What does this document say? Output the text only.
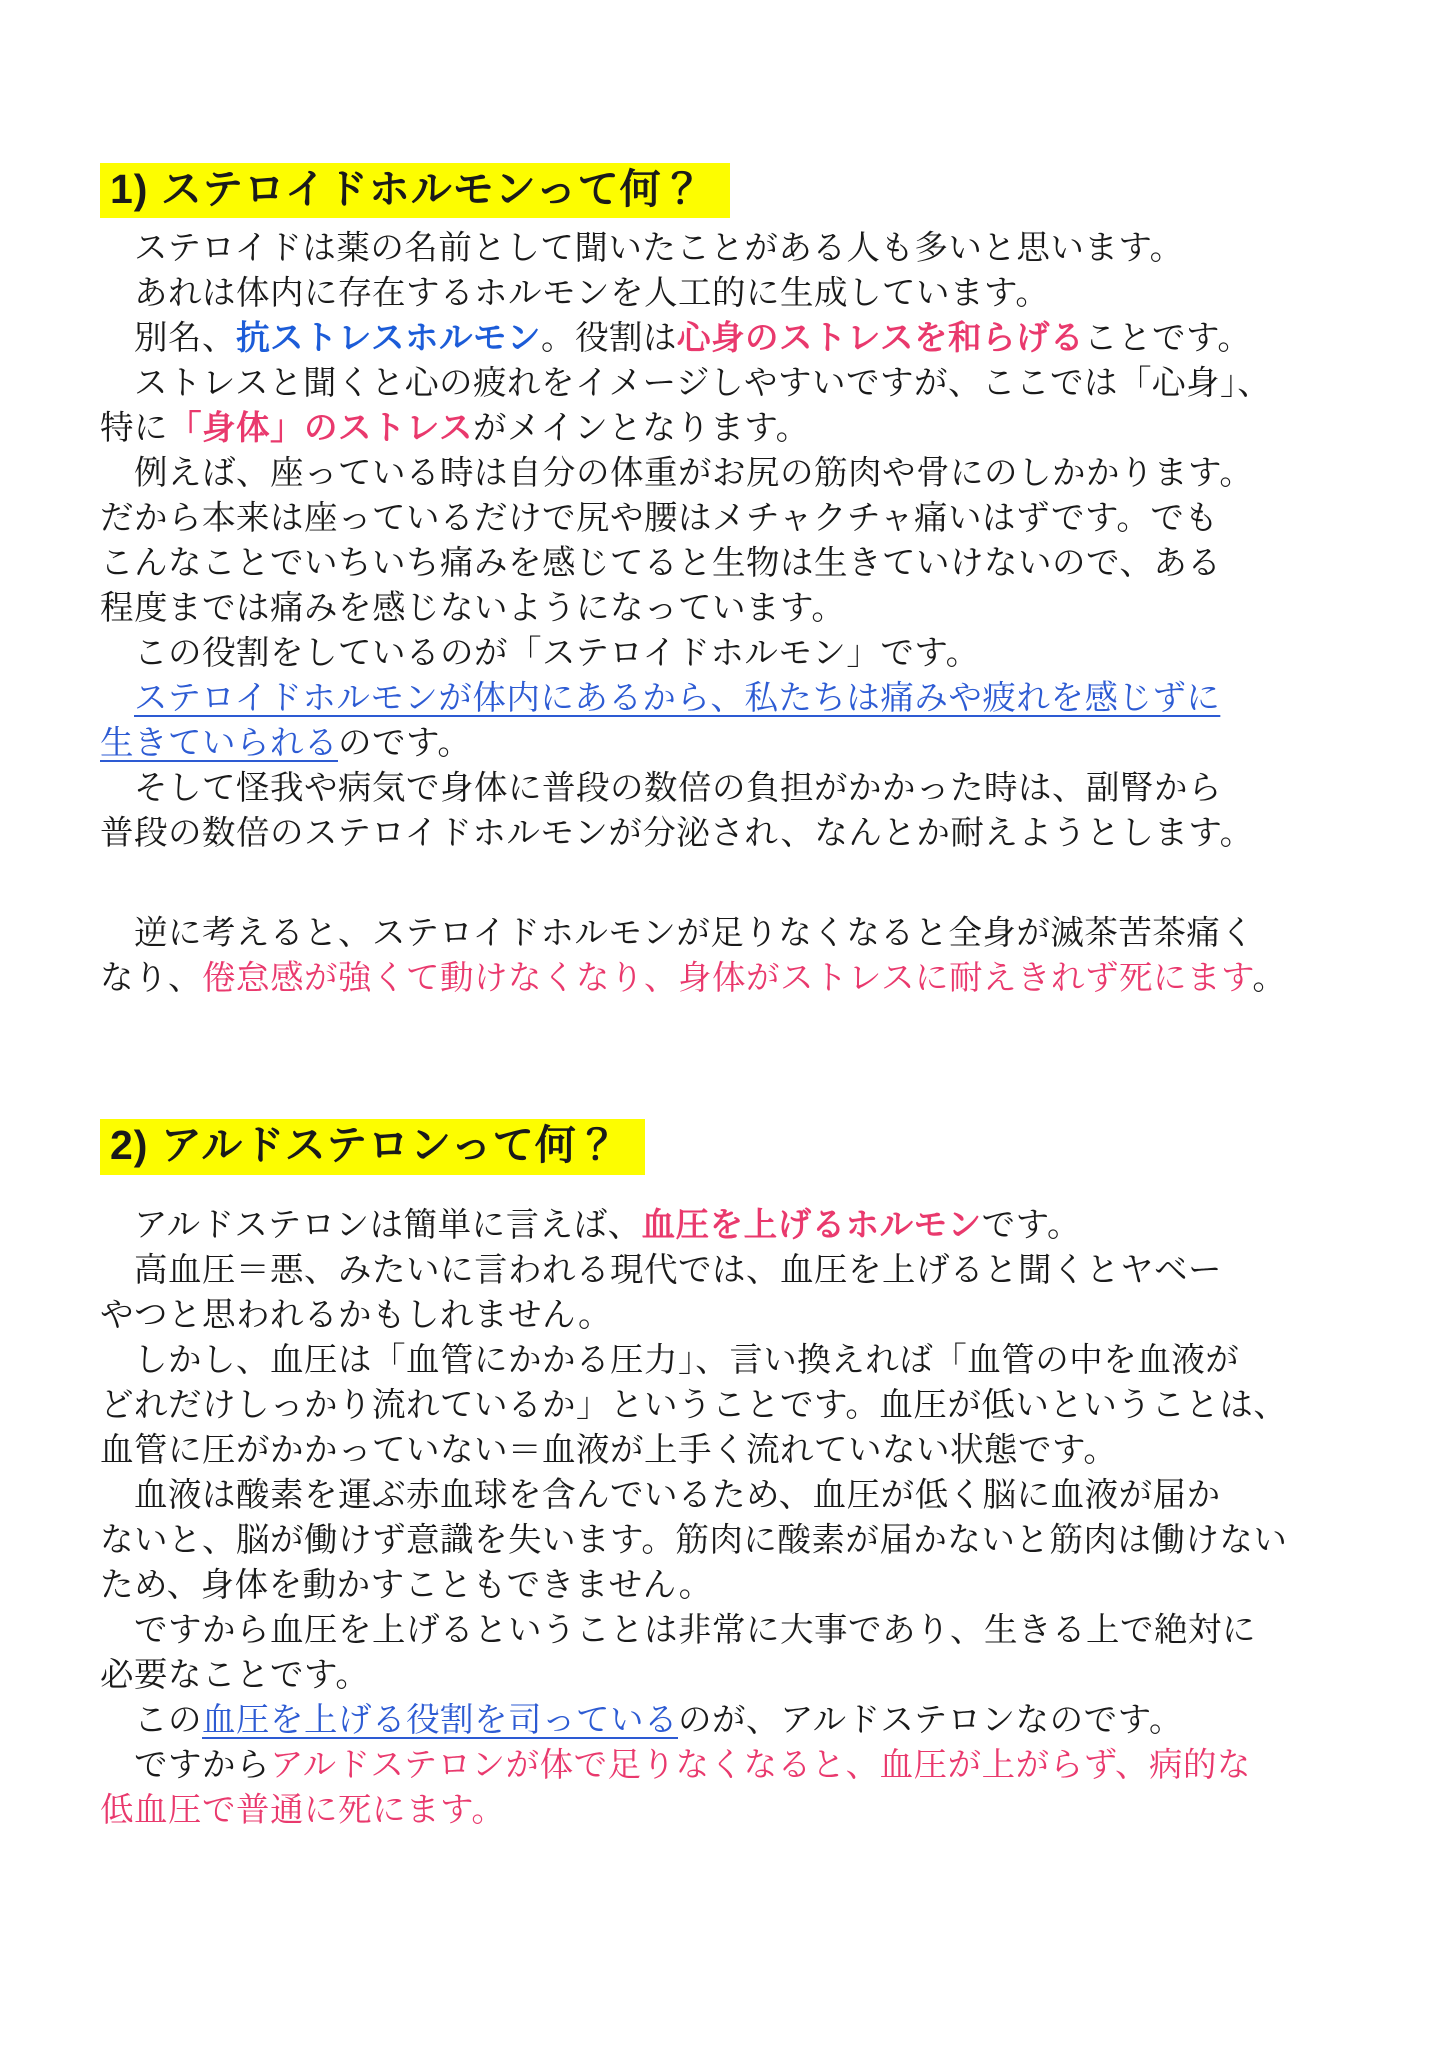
1) ステロイドホルモンって何？
　ステロイドは薬の名前として聞いたことがある人も多いと思います。
　あれは体内に存在するホルモンを人工的に生成しています。
　別名、抗ストレスホルモン。役割は心身のストレスを和らげることです。
　ストレスと聞くと心の疲れをイメージしやすいですが、ここでは「心身」、
特に「身体」のストレスがメインとなります。
　例えば、座っている時は自分の体重がお尻の筋肉や骨にのしかかります。
だから本来は座っているだけで尻や腰はメチャクチャ痛いはずです。でも
こんなことでいちいち痛みを感じてると生物は生きていけないので、ある
程度までは痛みを感じないようになっています。
　この役割をしているのが「ステロイドホルモン」です。
　ステロイドホルモンが体内にあるから、私たちは痛みや疲れを感じずに
生きていられるのです。
　そして怪我や病気で身体に普段の数倍の負担がかかった時は、副腎から
普段の数倍のステロイドホルモンが分泌され、なんとか耐えようとします。
　逆に考えると、ステロイドホルモンが足りなくなると全身が滅茶苦茶痛く
なり、倦怠感が強くて動けなくなり、身体がストレスに耐えきれず死にます。
2) アルドステロンって何？
　アルドステロンは簡単に言えば、血圧を上げるホルモンです。
　高血圧＝悪、みたいに言われる現代では、血圧を上げると聞くとヤベー
やつと思われるかもしれません。
　しかし、血圧は「血管にかかる圧力」、言い換えれば「血管の中を血液が
どれだけしっかり流れているか」ということです。血圧が低いということは、
血管に圧がかかっていない＝血液が上手く流れていない状態です。
　血液は酸素を運ぶ赤血球を含んでいるため、血圧が低く脳に血液が届か
ないと、脳が働けず意識を失います。筋肉に酸素が届かないと筋肉は働けない
ため、身体を動かすこともできません。
　ですから血圧を上げるということは非常に大事であり、生きる上で絶対に
必要なことです。
　この血圧を上げる役割を司っているのが、アルドステロンなのです。
　ですからアルドステロンが体で足りなくなると、血圧が上がらず、病的な
低血圧で普通に死にます。
